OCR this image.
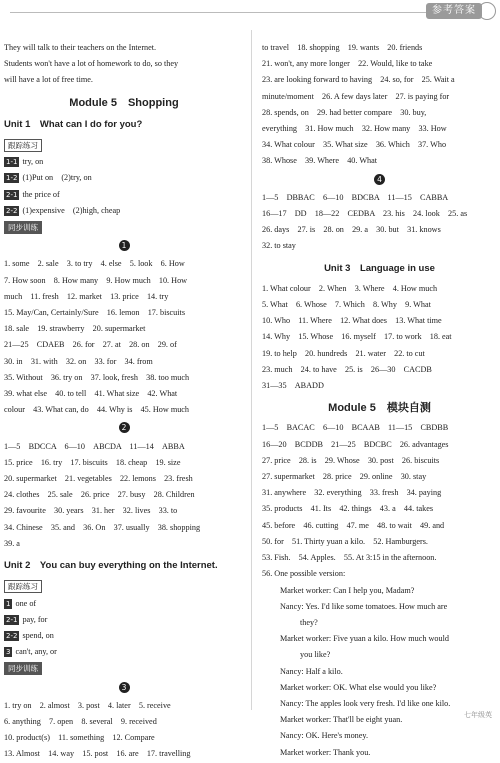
参考答案

They will talk to their teachers on the Internet.

Students won't have a lot of homework to do, so they

will have a lot of free time.

Module 5　Shopping

Unit 1　What can I do for you?

跟踪练习

1-1 try, on

1-2 (1)Put on　(2)try, on

2-1 the price of

2-2 (1)expensive　(2)high, cheap

同步训练

1

1. some　2. sale　3. to try　4. else　5. look　6. How

7. How soon　8. How many　9. How much　10. How

much　11. fresh　12. market　13. price　14. try

15. May/Can, Certainly/Sure　16. lemon　17. biscuits

18. sale　19. strawberry　20. supermarket

21—25　CDAEB　26. for　27. at　28. on　29. of

30. in　31. with　32. on　33. for　34. from

35. Without　36. try on　37. look, fresh　38. too much

39. what else　40. to tell　41. What size　42. What

colour　43. What can, do　44. Why is　45. How much

2

1—5　BDCCA　6—10　ABCDA　11—14　ABBA

15. price　16. try　17. biscuits　18. cheap　19. size

20. supermarket　21. vegetables　22. lemons　23. fresh

24. clothes　25. sale　26. price　27. busy　28. Children

29. favourite　30. years　31. her　32. lives　33. to

34. Chinese　35. and　36. On　37. usually　38. shopping

39. a

Unit 2　You can buy everything on the Internet.

跟踪练习

1 one of

2-1 pay, for

2-2 spend, on

3 can't, any, or

同步训练

3

1. try on　2. almost　3. post　4. later　5. receive

6. anything　7. open　8. several　9. received

10. product(s)　11. something　12. Compare

13. Almost　14. way　15. post　16. are　17. travelling

to travel　18. shopping　19. wants　20. friends

21. won't, any more longer　22. Would, like to take

23. are looking forward to having　24. so, for　25. Wait a

minute/moment　26. A few days later　27. is paying for

28. spends, on　29. had better compare　30. buy,

everything　31. How much　32. How many　33. How

34. What colour　35. What size　36. Which　37. Who

38. Whose　39. Where　40. What

4

1—5　DBBAC　6—10　BDCBA　11—15　CABBA

16—17　DD　18—22　CEDBA　23. his　24. look　25. as

26. days　27. is　28. on　29. a　30. but　31. knows

32. to stay

Unit 3　Language in use

1. What colour　2. When　3. Where　4. How much

5. What　6. Whose　7. Which　8. Why　9. What

10. Who　11. Where　12. What does　13. What time

14. Why　15. Whose　16. myself　17. to work　18. eat

19. to help　20. hundreds　21. water　22. to cut

23. much　24. to have　25. is　26—30　CACDB

31—35　ABADD

Module 5　模块自测

1—5　BACAC　6—10　BCAAB　11—15　CBDBB

16—20　BCDDB　21—25　BDCBC　26. advantages

27. price　28. is　29. Whose　30. post　26. biscuits

27. supermarket　28. price　29. online　30. stay

31. anywhere　32. everything　33. fresh　34. paying

35. products　41. Its　42. things　43. a　44. takes

45. before　46. cutting　47. me　48. to wait　49. and

50. for　51. Thirty yuan a kilo.　52. Hamburgers.

53. Fish.　54. Apples.　55. At 3:15 in the afternoon.

56. One possible version:

Market worker: Can I help you, Madam?

Nancy: Yes. I'd like some tomatoes. How much are

they?

Market worker: Five yuan a kilo. How much would

you like?

Nancy: Half a kilo.

Market worker: OK. What else would you like?

Nancy: The apples look very fresh. I'd like one kilo.

Market worker: That'll be eight yuan.

Nancy: OK. Here's money.

Market worker: Thank you.

七年级英
